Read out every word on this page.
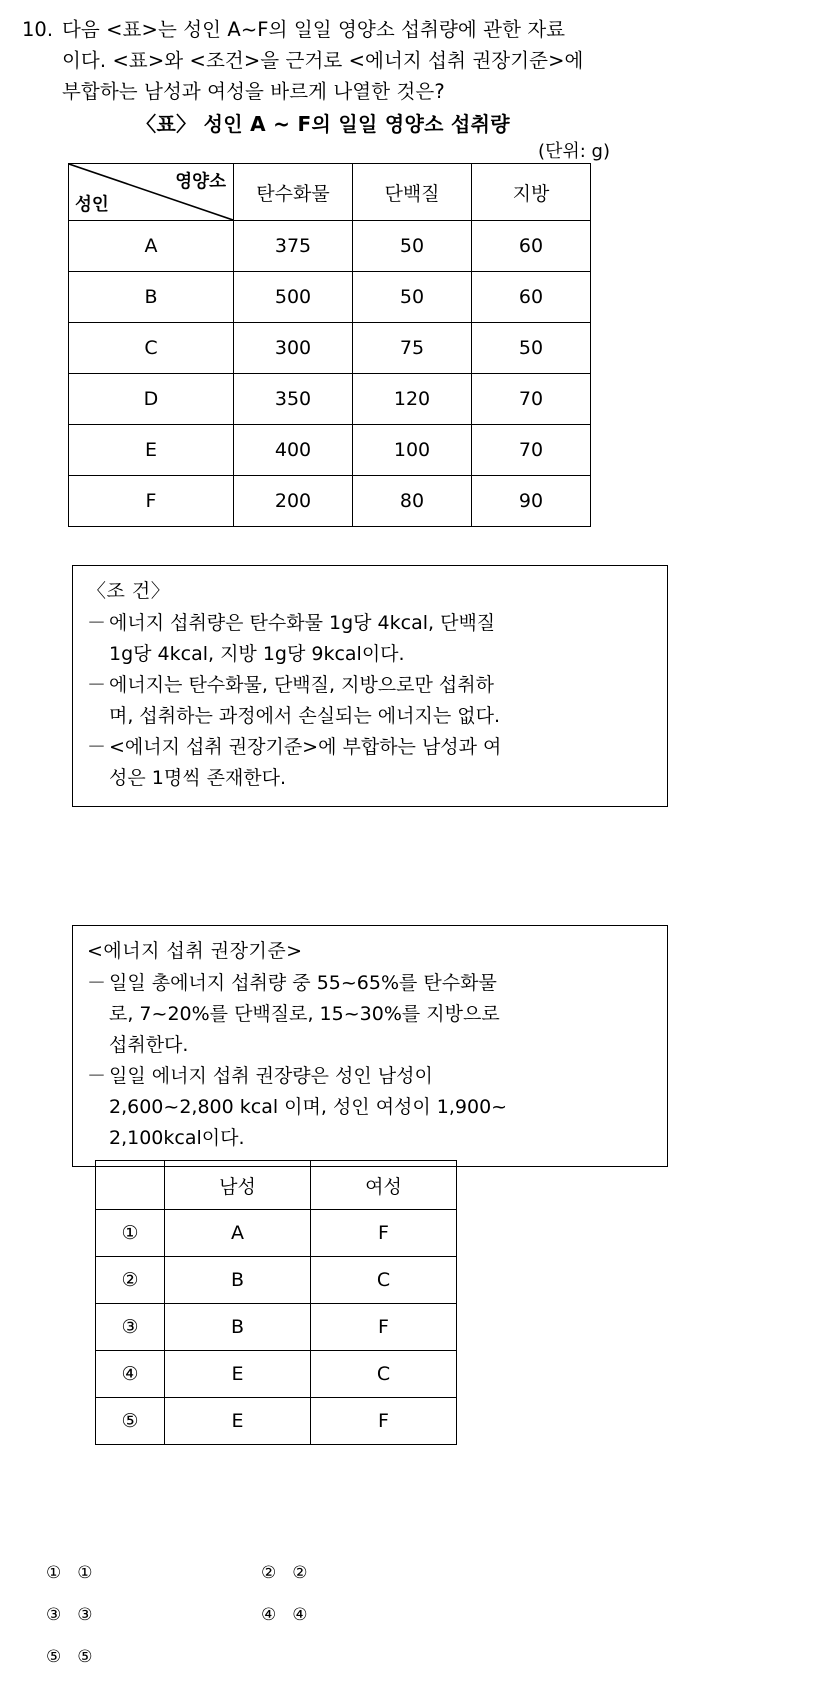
10. 다음 <표>는 성인 A~F의 일일 영양소 섭취량에 관한 자료
이다. <표>와 <조건>을 근거로 <에너지 섭취 권장기준>에
부합하는 남성과 여성을 바르게 나열한 것은?
〈표〉 성인 A ~ F의 일일 영양소 섭취량
(단위: g)
영양소
성인	탄수화물	단백질	지방
A	375	50	60
B	500	50	60
C	300	75	50
D	350	120	70
E	400	100	70
F	200	80	90
〈조 건〉
－ 에너지 섭취량은 탄수화물 1g당 4kcal, 단백질
1g당 4kcal, 지방 1g당 9kcal이다.
－ 에너지는 탄수화물, 단백질, 지방으로만 섭취하
며, 섭취하는 과정에서 손실되는 에너지는 없다.
－ <에너지 섭취 권장기준>에 부합하는 남성과 여
성은 1명씩 존재한다.
<에너지 섭취 권장기준>
－ 일일 총에너지 섭취량 중 55~65%를 탄수화물
로, 7~20%를 단백질로, 15~30%를 지방으로
섭취한다.
－ 일일 에너지 섭취 권장량은 성인 남성이
2,600~2,800 kcal 이며, 성인 여성이 1,900~
2,100kcal이다.
	남성	여성
①	A	F
②	B	C
③	B	F
④	E	C
⑤	E	F
① ①	② ②
③ ③	④ ④
⑤ ⑤
